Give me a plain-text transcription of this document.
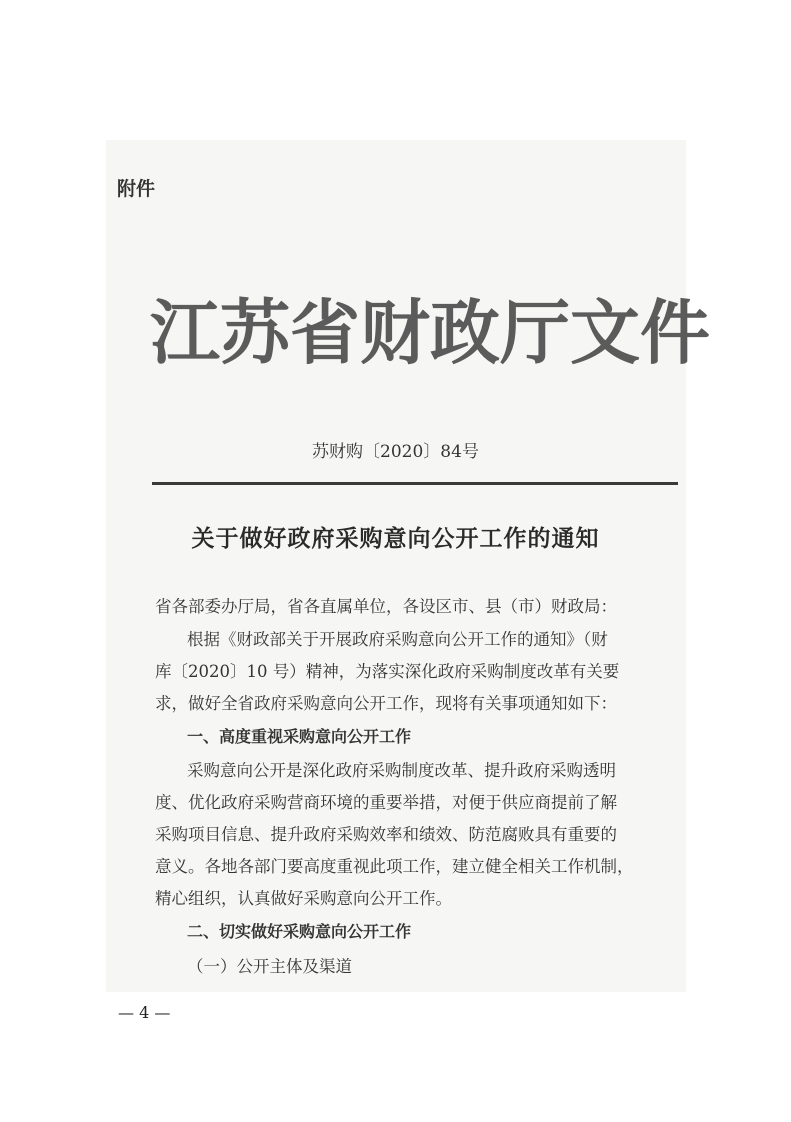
附件
江 苏 省 财 政 厅 文 件
苏财购〔2020〕84号
关于做好政府采购意向公开工作的通知
省各部委办厅局，省各直属单位，各设区市、县（市）财政局：
根据《财政部关于开展政府采购意向公开工作的通知》（财
库〔2020〕10 号）精神，为落实深化政府采购制度改革有关要
求，做好全省政府采购意向公开工作，现将有关事项通知如下：
一、高度重视采购意向公开工作
采购意向公开是深化政府采购制度改革、提升政府采购透明
度、优化政府采购营商环境的重要举措，对便于供应商提前了解
采购项目信息、提升政府采购效率和绩效、防范腐败具有重要的
意义。各地各部门要高度重视此项工作，建立健全相关工作机制，
精心组织，认真做好采购意向公开工作。
二、切实做好采购意向公开工作
（一）公开主体及渠道
— 4 —
